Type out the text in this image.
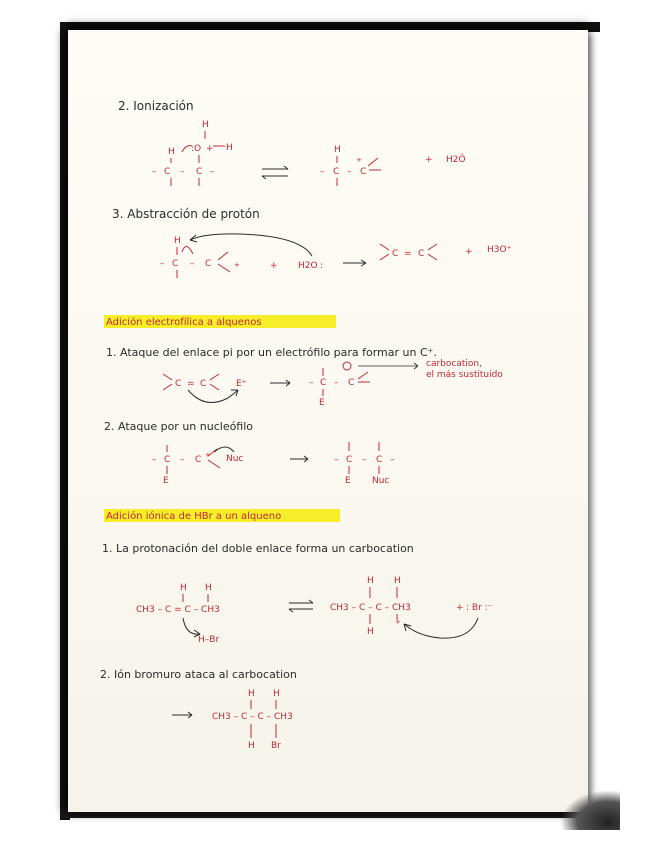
2. Ionización
H
:O + H
H
– C – C –
H
– C – C
+	+ H2Ö
3. Abstracción de protón
H
– C – C	+	+ H2O :
C = C	+ H3O⁺
Adición electrofílica a alquenos
1. Ataque del enlace pi por un electrófilo para formar un C⁺.
C = C	E⁺	– C – C
E
carbocation,
el más sustituido
2. Ataque por un nucleófilo
– C – C +
E
Nuc	– C – C –
E Nuc
Adición iónica de HBr a un alqueno
1. La protonación del doble enlace forma un carbocation
H H
CH3 – C = C – CH3
H–Br
H H
CH3 – C – C – CH3
H
+
+ : Br :⁻
2. Ión bromuro ataca al carbocation
H H
CH3 – C – C – CH3
H Br
